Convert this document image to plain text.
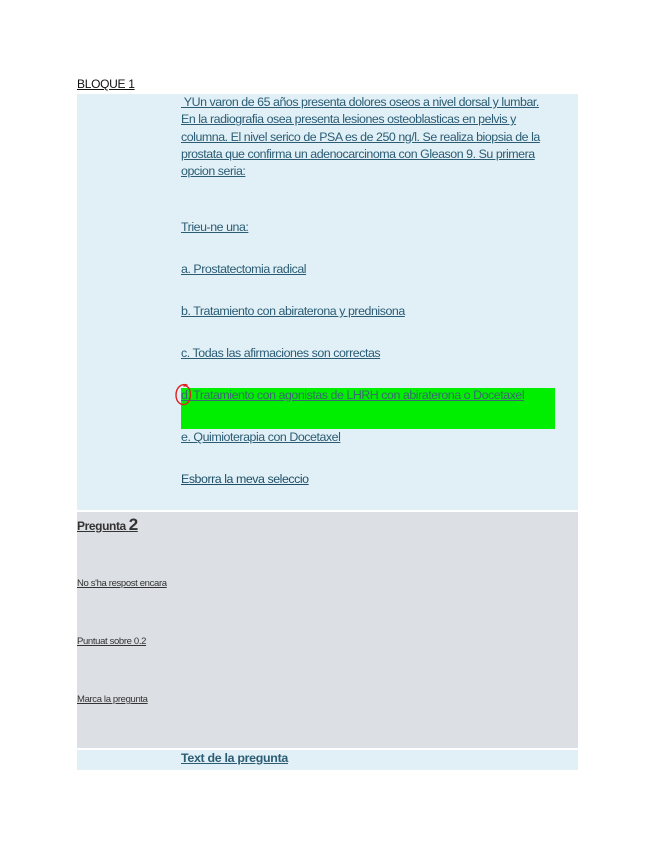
BLOQUE 1
YUn varon de 65 años presenta dolores oseos a nivel dorsal y lumbar.
En la radiografia osea presenta lesiones osteoblasticas en pelvis y
columna. El nivel serico de PSA es de 250 ng/l. Se realiza biopsia de la
prostata que confirma un adenocarcinoma con Gleason 9. Su primera
opcion seria:
Trieu-ne una:
a. Prostatectomia radical
b. Tratamiento con abiraterona y prednisona
c. Todas las afirmaciones son correctas
d. Tratamiento con agonistas de LHRH con abiraterona o Docetaxel
e. Quimioterapia con Docetaxel
Esborra la meva seleccio
Pregunta 2
No s'ha respost encara
Puntuat sobre 0.2
Marca la pregunta
Text de la pregunta
